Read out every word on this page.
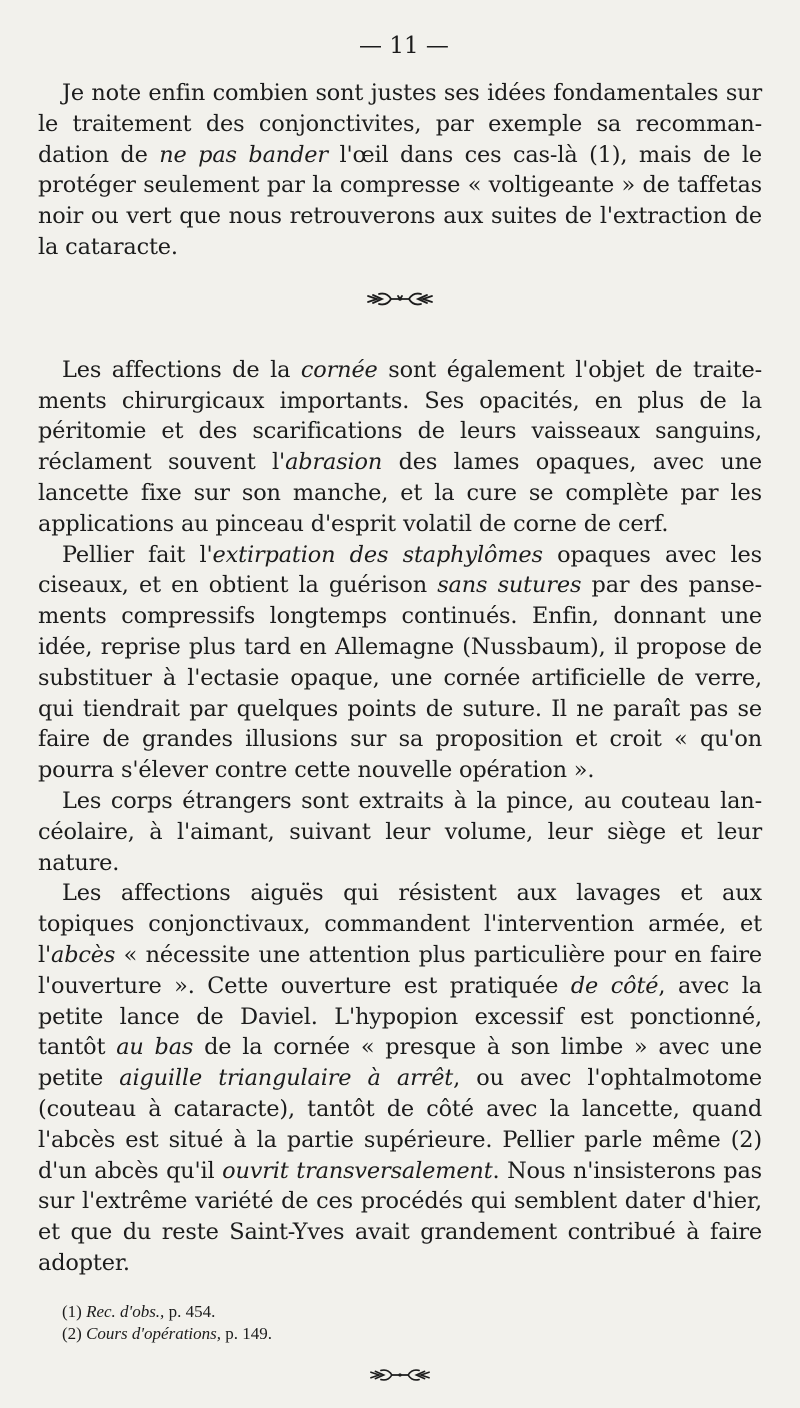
— 11 —

Je note enfin combien sont justes ses idées fondamentales sur le traitement des conjonctivites, par exemple sa recomman-dation de ne pas bander l'œil dans ces cas-là (1), mais de le protéger seulement par la compresse « voltigeante » de taffetas noir ou vert que nous retrouverons aux suites de l'extraction de la cataracte.

Les affections de la cornée sont également l'objet de traite-ments chirurgicaux importants. Ses opacités, en plus de la péritomie et des scarifications de leurs vaisseaux sanguins, réclament souvent l'abrasion des lames opaques, avec une lancette fixe sur son manche, et la cure se complète par les applications au pinceau d'esprit volatil de corne de cerf.

Pellier fait l'extirpation des staphylômes opaques avec les ciseaux, et en obtient la guérison sans sutures par des panse-ments compressifs longtemps continués. Enfin, donnant une idée, reprise plus tard en Allemagne (Nussbaum), il propose de substituer à l'ectasie opaque, une cornée artificielle de verre, qui tiendrait par quelques points de suture. Il ne paraît pas se faire de grandes illusions sur sa proposition et croit « qu'on pourra s'élever contre cette nouvelle opération ».

Les corps étrangers sont extraits à la pince, au couteau lan-céolaire, à l'aimant, suivant leur volume, leur siège et leur nature.

Les affections aiguës qui résistent aux lavages et aux topiques conjonctivaux, commandent l'intervention armée, et l'abcès « nécessite une attention plus particulière pour en faire l'ouverture ». Cette ouverture est pratiquée de côté, avec la petite lance de Daviel. L'hypopion excessif est ponctionné, tantôt au bas de la cornée « presque à son limbe » avec une petite aiguille triangulaire à arrêt, ou avec l'ophtalmotome (couteau à cataracte), tantôt de côté avec la lancette, quand l'abcès est situé à la partie supérieure. Pellier parle même (2) d'un abcès qu'il ouvrit transversalement. Nous n'insisterons pas sur l'extrême variété de ces procédés qui semblent dater d'hier, et que du reste Saint-Yves avait grandement contribué à faire adopter.

(1) Rec. d'obs., p. 454.

(2) Cours d'opérations, p. 149.
